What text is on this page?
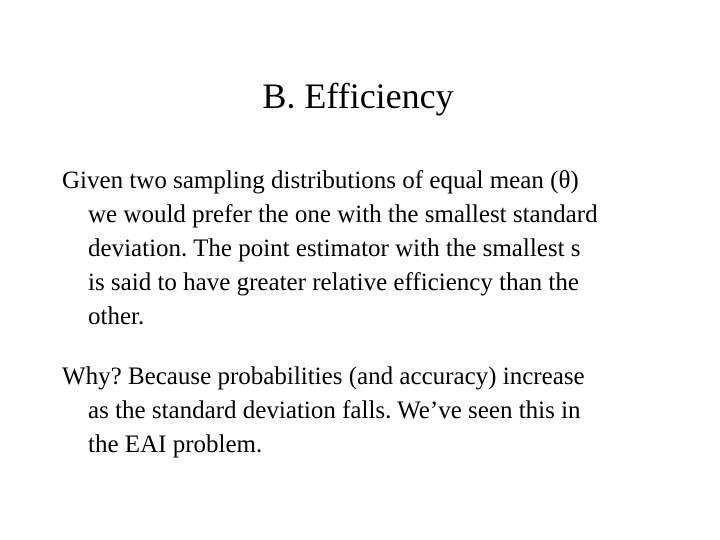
B. Efficiency
Given two sampling distributions of equal mean (θ)
we would prefer the one with the smallest standard
deviation. The point estimator with the smallest s
is said to have greater relative efficiency than the
other.
Why? Because probabilities (and accuracy) increase
as the standard deviation falls. We’ve seen this in
the EAI problem.
